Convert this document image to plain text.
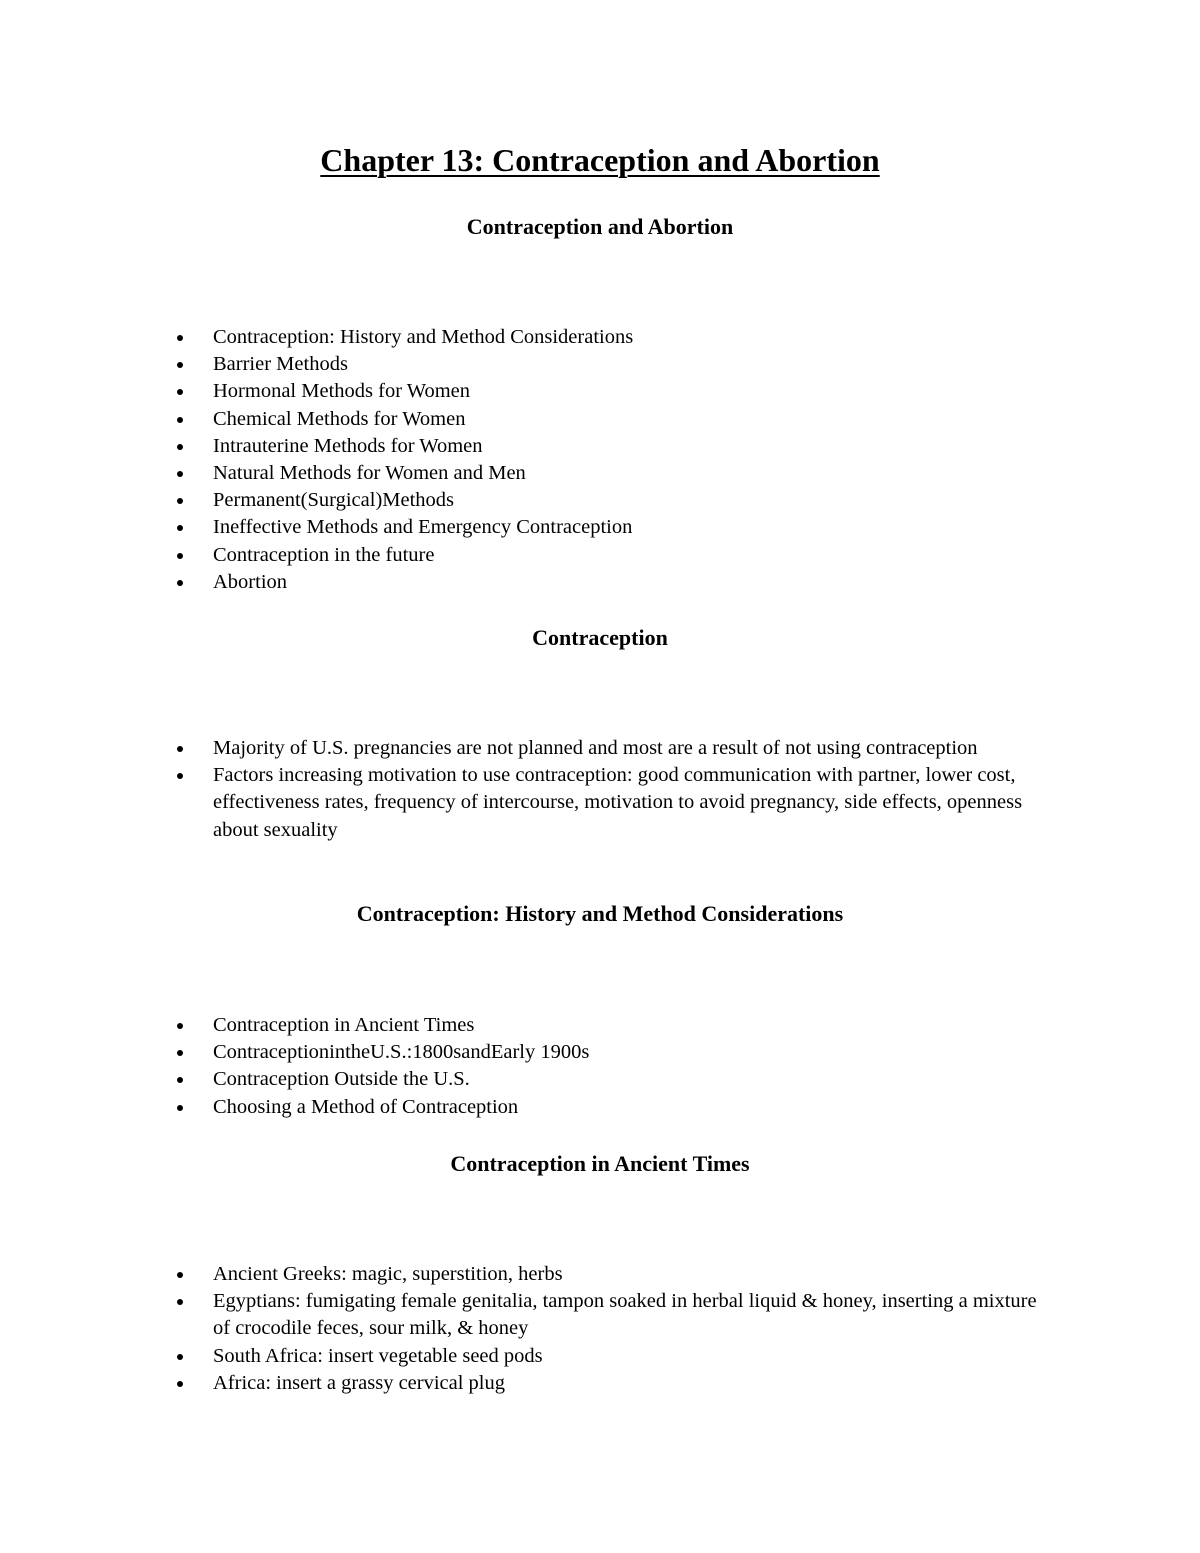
Chapter 13: Contraception and Abortion
Contraception and Abortion
Contraception: History and Method Considerations
Barrier Methods
Hormonal Methods for Women
Chemical Methods for Women
Intrauterine Methods for Women
Natural Methods for Women and Men
Permanent(Surgical)Methods
Ineffective Methods and Emergency Contraception
Contraception in the future
Abortion
Contraception
Majority of U.S. pregnancies are not planned and most are a result of not using contraception
Factors increasing motivation to use contraception: good communication with partner, lower cost, effectiveness rates, frequency of intercourse, motivation to avoid pregnancy, side effects, openness about sexuality
Contraception: History and Method Considerations
Contraception in Ancient Times
ContraceptionintheU.S.:1800sandEarly 1900s
Contraception Outside the U.S.
Choosing a Method of Contraception
Contraception in Ancient Times
Ancient Greeks: magic, superstition, herbs
Egyptians: fumigating female genitalia, tampon soaked in herbal liquid & honey, inserting a mixture of crocodile feces, sour milk, & honey
South Africa: insert vegetable seed pods
Africa: insert a grassy cervical plug
